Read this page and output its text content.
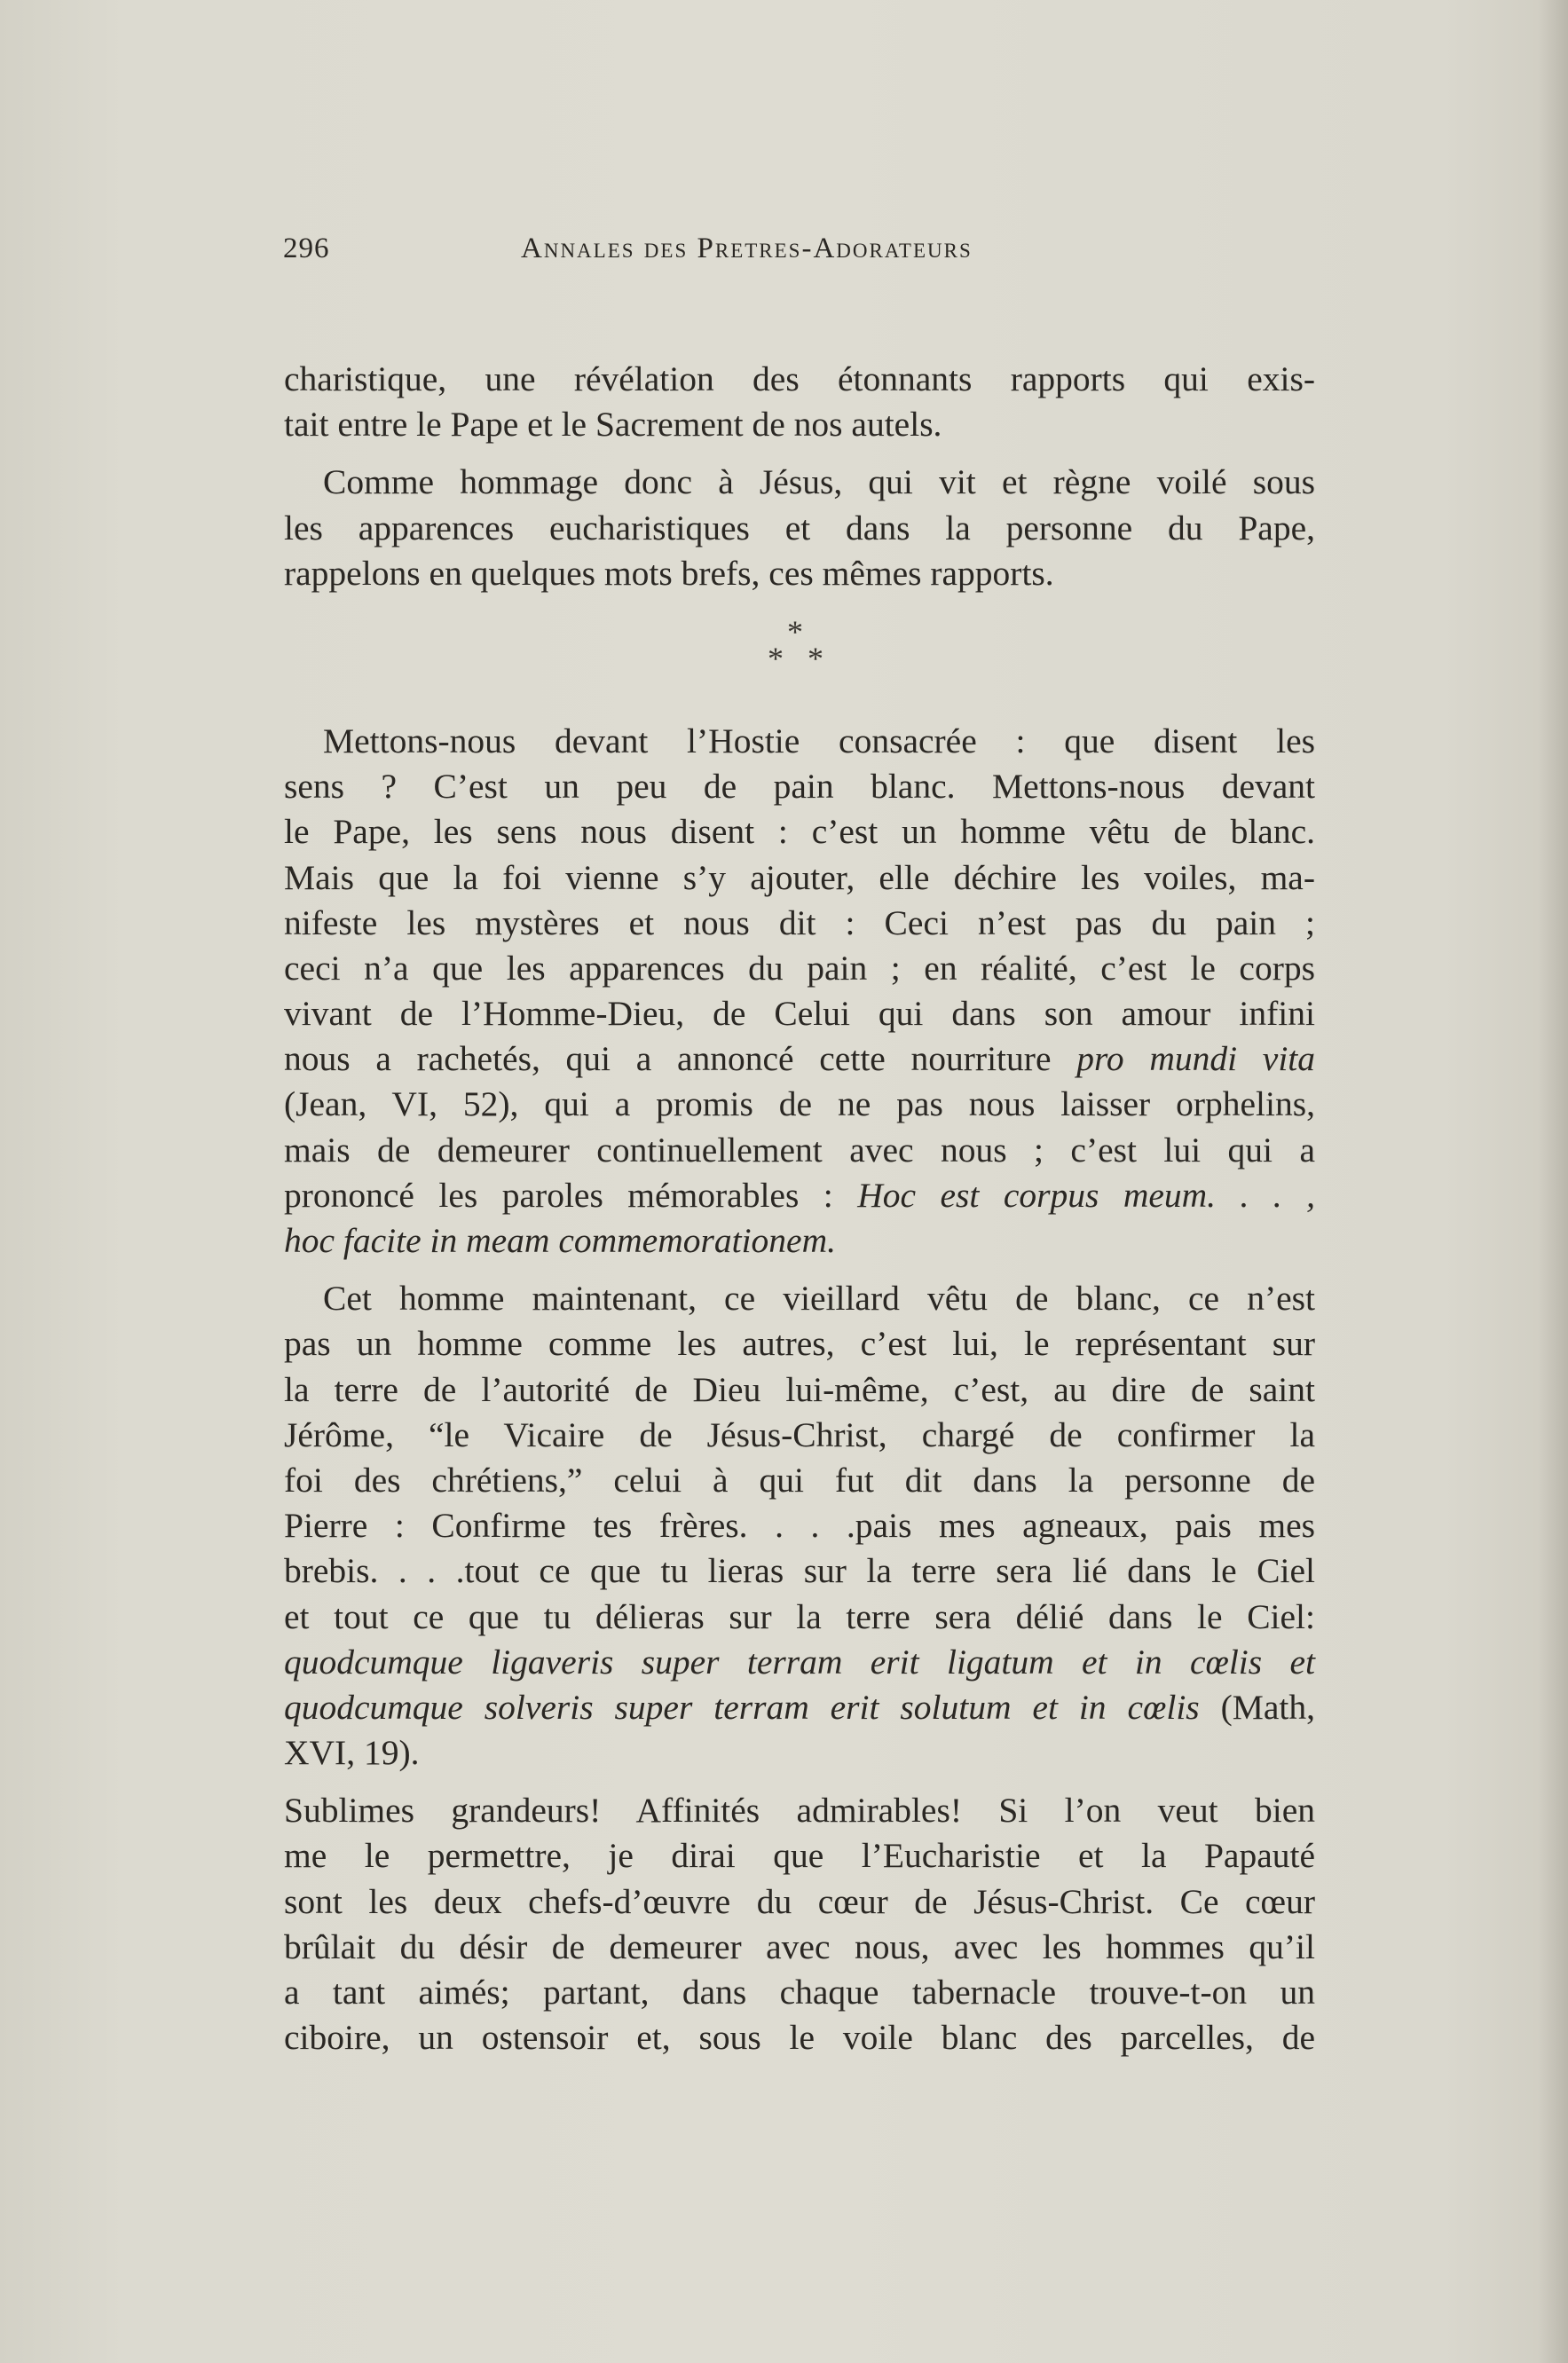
296	Annales des Pretres-Adorateurs
charistique, une révélation des étonnants rapports qui exis-
tait entre le Pape et le Sacrement de nos autels.
Comme hommage donc à Jésus, qui vit et règne voilé sous
les apparences eucharistiques et dans la personne du Pape,
rappelons en quelques mots brefs, ces mêmes rapports.
*
* *
Mettons-nous devant l’Hostie consacrée : que disent les
sens ? C’est un peu de pain blanc. Mettons-nous devant
le Pape, les sens nous disent : c’est un homme vêtu de blanc.
Mais que la foi vienne s’y ajouter, elle déchire les voiles, ma-
nifeste les mystères et nous dit : Ceci n’est pas du pain ;
ceci n’a que les apparences du pain ; en réalité, c’est le corps
vivant de l’Homme-Dieu, de Celui qui dans son amour infini
nous a rachetés, qui a annoncé cette nourriture pro mundi vita
(Jean, VI, 52), qui a promis de ne pas nous laisser orphelins,
mais de demeurer continuellement avec nous ; c’est lui qui a
prononcé les paroles mémorables : Hoc est corpus meum. . . ,
hoc facite in meam commemorationem.
Cet homme maintenant, ce vieillard vêtu de blanc, ce n’est
pas un homme comme les autres, c’est lui, le représentant sur
la terre de l’autorité de Dieu lui-même, c’est, au dire de saint
Jérôme, “le Vicaire de Jésus-Christ, chargé de confirmer la
foi des chrétiens,” celui à qui fut dit dans la personne de
Pierre : Confirme tes frères. . . .pais mes agneaux, pais mes
brebis. . . .tout ce que tu lieras sur la terre sera lié dans le Ciel
et tout ce que tu délieras sur la terre sera délié dans le Ciel:
quodcumque ligaveris super terram erit ligatum et in cœlis et
quodcumque solveris super terram erit solutum et in cœlis (Math,
XVI, 19).
Sublimes grandeurs! Affinités admirables! Si l’on veut bien
me le permettre, je dirai que l’Eucharistie et la Papauté
sont les deux chefs-d’œuvre du cœur de Jésus-Christ. Ce cœur
brûlait du désir de demeurer avec nous, avec les hommes qu’il
a tant aimés; partant, dans chaque tabernacle trouve-t-on un
ciboire, un ostensoir et, sous le voile blanc des parcelles, de
